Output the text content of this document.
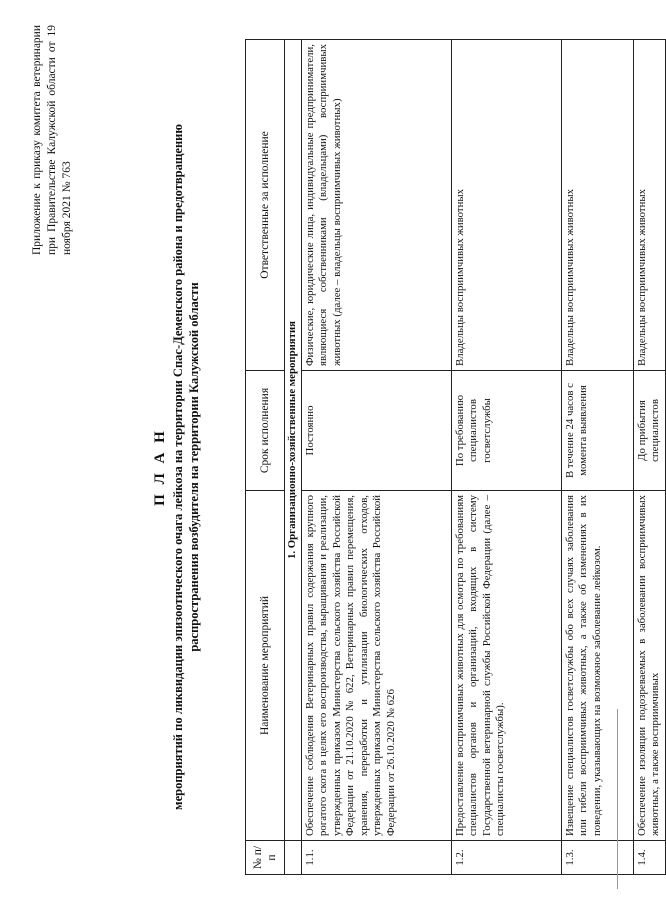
Приложение к приказу комитета ветеринарии при Правительстве Калужской области от 19 ноября 2021 № 763
П Л А Н мероприятий по ликвидации эпизоотического очага лейкоза на территории Спас-Деменского района и предотвращению распространения возбудителя на территории Калужской области
№ п/п	Наименование мероприятий	Срок исполнения	Ответственные за исполнение
	1. Организационно-хозяйственные мероприятия		
1.1.	Обеспечение соблюдения Ветеринарных правил содержания крупного рогатого скота в целях его воспроизводства, выращивания и реализации, утвержденных приказом Министерства сельского хозяйства Российской Федерации от 21.10.2020 № 622, Ветеринарных правил перемещения, хранения, переработки и утилизации биологических отходов, утвержденных приказом Министерства сельского хозяйства Российской Федерации от 26.10.2020 № 626	Постоянно	Физические, юридические лица, индивидуальные предприниматели, являющиеся собственниками (владельцами) восприимчивых животных (далее – владельцы восприимчивых животных)
1.2.	Предоставление восприимчивых животных для осмотра по требованиям специалистов органов и организаций, входящих в систему Государственной ветеринарной службы Российской Федерации (далее – специалисты госветслужбы).	По требованию специалистов госветслужбы	Владельцы восприимчивых животных
1.3.	Извещение специалистов госветслужбы обо всех случаях заболевания или гибели восприимчивых животных, а также об изменениях в их поведении, указывающих на возможное заболевание лейкозом.	В течение 24 часов с момента выявления	Владельцы восприимчивых животных
1.4.	Обеспечение изоляции подозреваемых в заболевании восприимчивых животных, а также восприимчивых	До прибытия специалистов	Владельцы восприимчивых животных
